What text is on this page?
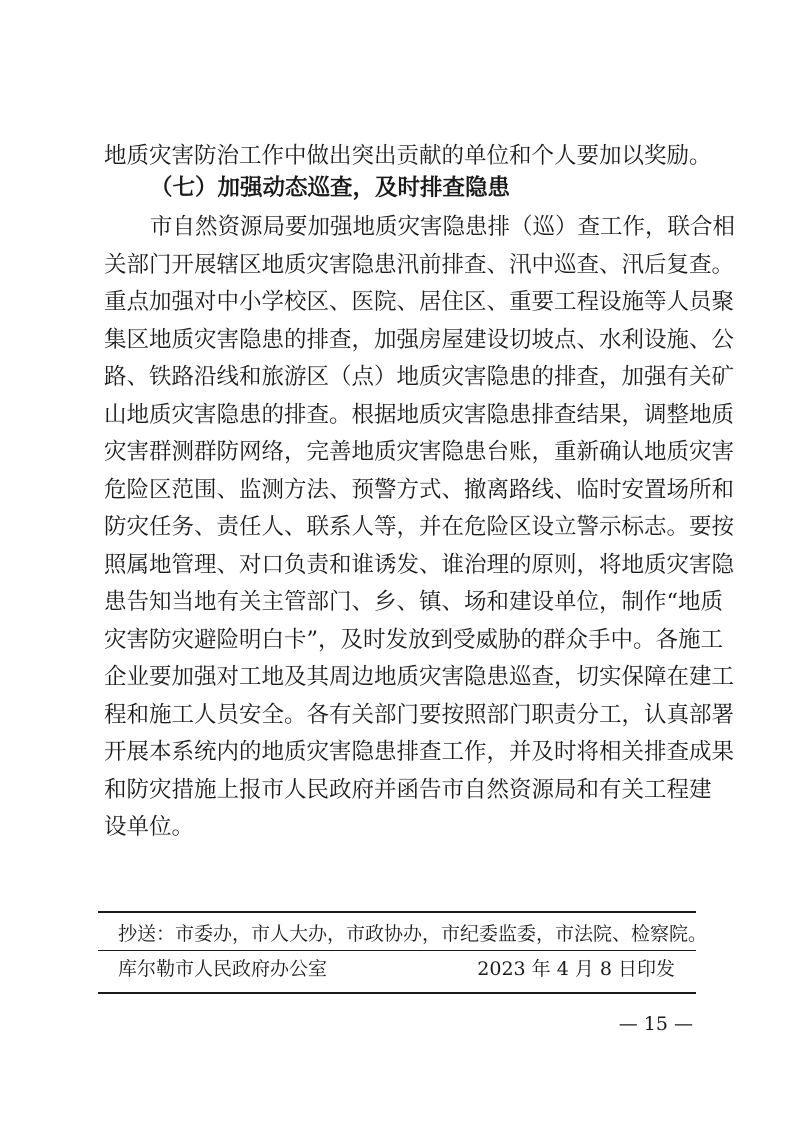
地质灾害防治工作中做出突出贡献的单位和个人要加以奖励。
（七）加强动态巡查，及时排查隐患
市自然资源局要加强地质灾害隐患排（巡）查工作，联合相
关部门开展辖区地质灾害隐患汛前排查、汛中巡查、汛后复查。
重点加强对中小学校区、医院、居住区、重要工程设施等人员聚
集区地质灾害隐患的排查，加强房屋建设切坡点、水利设施、公
路、铁路沿线和旅游区（点）地质灾害隐患的排查，加强有关矿
山地质灾害隐患的排查。根据地质灾害隐患排查结果，调整地质
灾害群测群防网络，完善地质灾害隐患台账，重新确认地质灾害
危险区范围、监测方法、预警方式、撤离路线、临时安置场所和
防灾任务、责任人、联系人等，并在危险区设立警示标志。要按
照属地管理、对口负责和谁诱发、谁治理的原则，将地质灾害隐
患告知当地有关主管部门、乡、镇、场和建设单位，制作“地质
灾害防灾避险明白卡”，及时发放到受威胁的群众手中。各施工
企业要加强对工地及其周边地质灾害隐患巡查，切实保障在建工
程和施工人员安全。各有关部门要按照部门职责分工，认真部署
开展本系统内的地质灾害隐患排查工作，并及时将相关排查成果
和防灾措施上报市人民政府并函告市自然资源局和有关工程建
设单位。
抄送：市委办，市人大办，市政协办，市纪委监委，市法院、检察院。
库尔勒市人民政府办公室	2023 年 4 月 8 日印发
— 15 —
